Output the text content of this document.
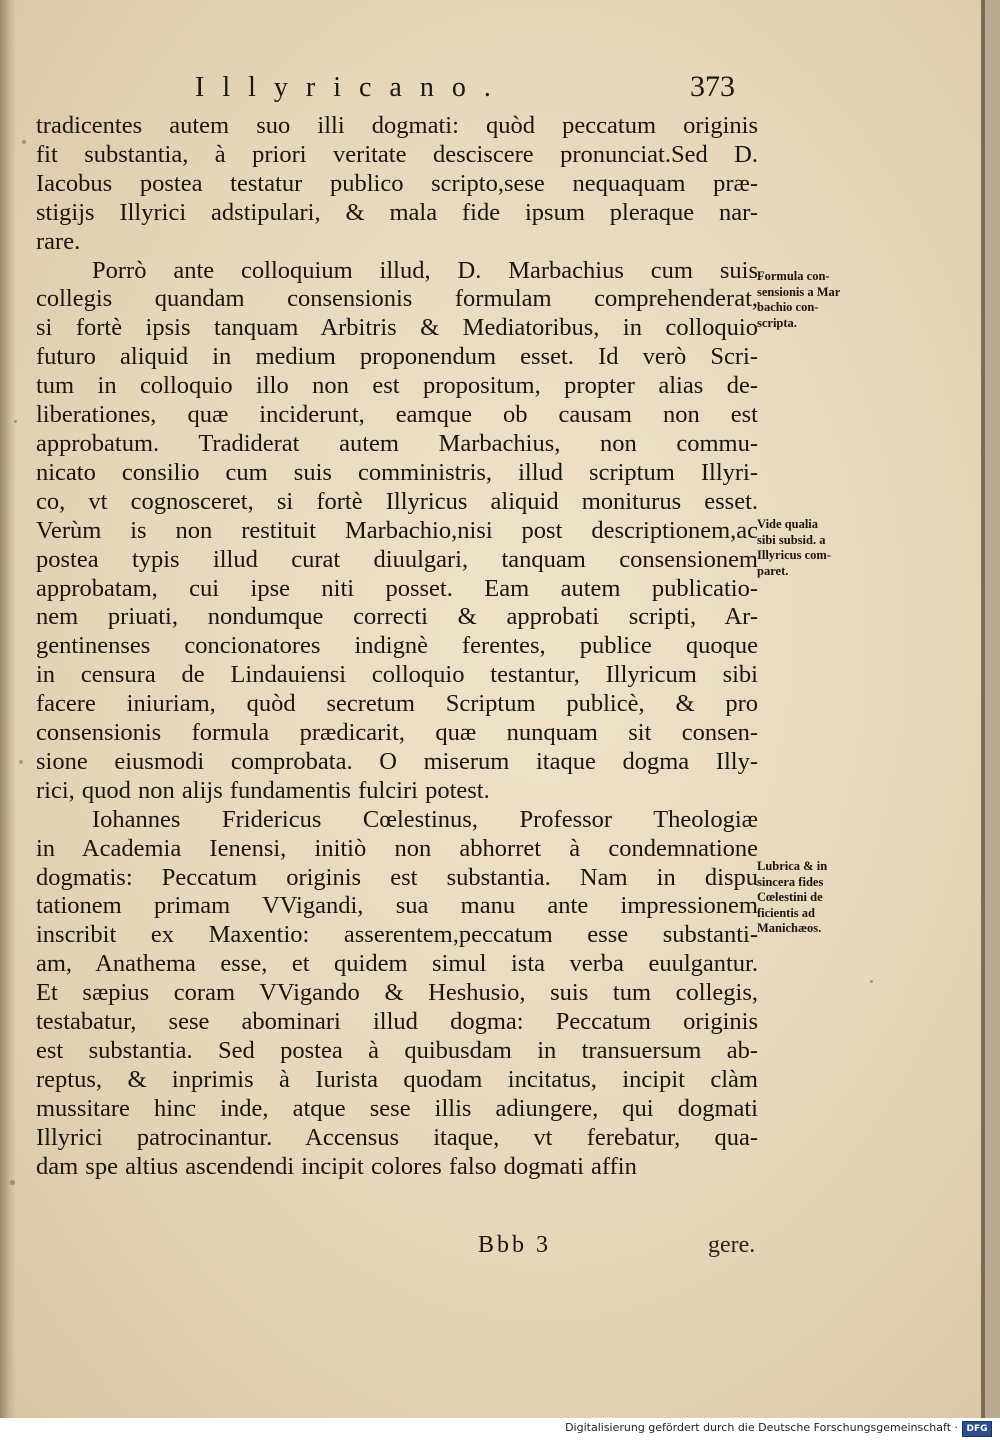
Illyricano.	373
tradicentes autem suo illi dogmati: quòd peccatum originis
fit substantia, à priori veritate desciscere pronunciat.Sed D.
Iacobus postea testatur publico scripto,sese nequaquam præ-
stigijs Illyrici adstipulari, & mala fide ipsum pleraque nar-
rare.
Porrò ante colloquium illud, D. Marbachius cum suis
collegis quandam consensionis formulam comprehenderat,
si fortè ipsis tanquam Arbitris & Mediatoribus, in colloquio
futuro aliquid in medium proponendum esset. Id verò Scri-
tum in colloquio illo non est propositum, propter alias de-
liberationes, quæ inciderunt, eamque ob causam non est
approbatum. Tradiderat autem Marbachius, non commu-
nicato consilio cum suis comministris, illud scriptum Illyri-
co, vt cognosceret, si fortè Illyricus aliquid moniturus esset.
Verùm is non restituit Marbachio,nisi post descriptionem,ac
postea typis illud curat diuulgari, tanquam consensionem
approbatam, cui ipse niti posset. Eam autem publicatio-
nem priuati, nondumque correcti & approbati scripti, Ar-
gentinenses concionatores indignè ferentes, publice quoque
in censura de Lindauiensi colloquio testantur, Illyricum sibi
facere iniuriam, quòd secretum Scriptum publicè, & pro
consensionis formula prædicarit, quæ nunquam sit consen-
sione eiusmodi comprobata. O miserum itaque dogma Illy-
rici, quod non alijs fundamentis fulciri potest.
Iohannes Fridericus Cœlestinus, Professor Theologiæ
in Academia Ienensi, initiò non abhorret à condemnatione
dogmatis: Peccatum originis est substantia. Nam in dispu
tationem primam VVigandi, sua manu ante impressionem
inscribit ex Maxentio: asserentem,peccatum esse substanti-
am, Anathema esse, et quidem simul ista verba euulgantur.
Et sæpius coram VVigando & Heshusio, suis tum collegis,
testabatur, sese abominari illud dogma: Peccatum originis
est substantia. Sed postea à quibusdam in transuersum ab-
reptus, & inprimis à Iurista quodam incitatus, incipit clàm
mussitare hinc inde, atque sese illis adiungere, qui dogmati
Illyrici patrocinantur. Accensus itaque, vt ferebatur, qua-
dam spe altius ascendendi incipit colores falso dogmati affin
Formula con-
sensionis a Mar
bachio con-
scripta.
Vide qualia
sibi subsid. a
Illyricus com-
paret.
Lubrica & in
sincera fides
Cœlestini de
ficientis ad
Manichæos.
Bbb 3	gere.
Digitalisierung gefördert durch die Deutsche Forschungsgemeinschaft · DFG
